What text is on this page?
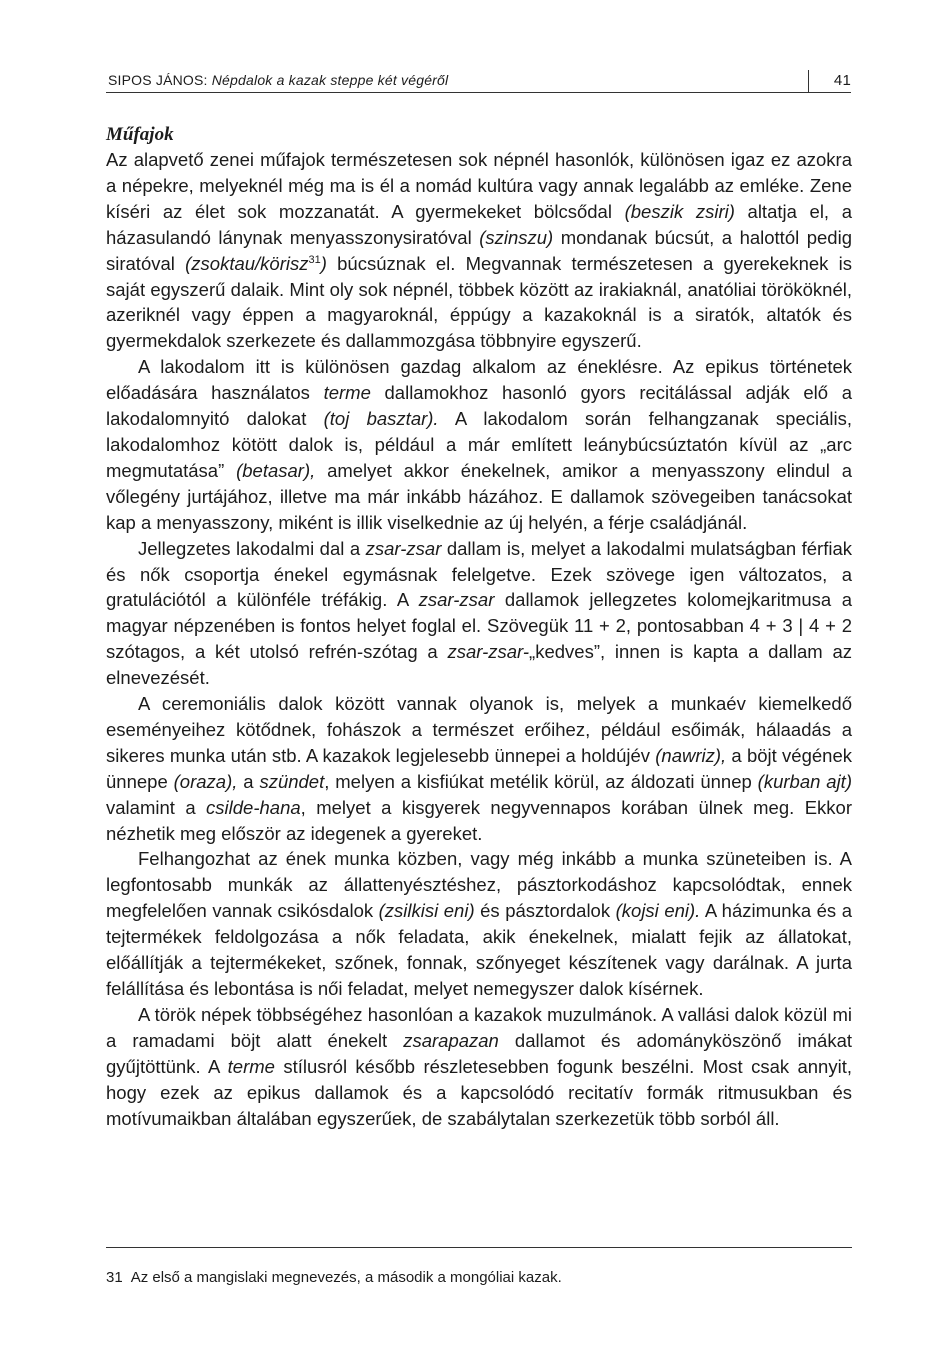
SIPOS JÁNOS: Népdalok a kazak steppe két végéről	41
Műfajok

Az alapvető zenei műfajok természetesen sok népnél hasonlók, különösen igaz ez azokra a népekre, melyeknél még ma is él a nomád kultúra vagy annak legalább az emléke. Zene kíséri az élet sok mozzanatát. A gyermekeket bölcsődal (beszik zsiri) altatja el, a házasulandó lánynak menyasszonysiratóval (szinszu) mondanak búcsút, a halottól pedig siratóval (zsoktau/körisz$^{31}$) búcsúznak el. Megvannak természetesen a gyerekeknek is saját egyszerű dalaik. Mint oly sok népnél, többek között az irakiaknál, anatóliai törököknél, azeriknél vagy éppen a magyaroknál, éppúgy a kazakoknál is a siratók, altatók és gyermekdalok szerkezete és dallammozgása többnyire egyszerű.

A lakodalom itt is különösen gazdag alkalom az éneklésre. Az epikus történetek előadására használatos terme dallamokhoz hasonló gyors recitálással adják elő a lakodalomnyitó dalokat (toj basztar). A lakodalom során felhangzanak speciális, lakodalomhoz kötött dalok is, például a már említett leánybúcsúztatón kívül az „arc megmutatása” (betasar), amelyet akkor énekelnek, amikor a menyasszony elindul a vőlegény jurtájához, illetve ma már inkább házához. E dallamok szövegeiben tanácsokat kap a menyasszony, miként is illik viselkednie az új helyén, a férje családjánál.

Jellegzetes lakodalmi dal a zsar-zsar dallam is, melyet a lakodalmi mulatságban férfiak és nők csoportja énekel egymásnak felelgetve. Ezek szövege igen változatos, a gratulációtól a különféle tréfákig. A zsar-zsar dallamok jellegzetes kolomejkaritmusa a magyar népzenében is fontos helyet foglal el. Szövegük 11 + 2, pontosabban 4 + 3 | 4 + 2 szótagos, a két utolsó refrén-szótag a zsar-zsar-„kedves”, innen is kapta a dallam az elnevezését.

A ceremoniális dalok között vannak olyanok is, melyek a munkaév kiemelkedő eseményeihez kötődnek, fohászok a természet erőihez, például esőimák, hálaadás a sikeres munka után stb. A kazakok legjelesebb ünnepei a holdújév (nawriz), a böjt végének ünnepe (oraza), a szündet, melyen a kisfiúkat metélik körül, az áldozati ünnep (kurban ajt) valamint a csilde-hana, melyet a kisgyerek negyvennapos korában ülnek meg. Ekkor nézhetik meg először az idegenek a gyereket.

Felhangozhat az ének munka közben, vagy még inkább a munka szüneteiben is. A legfontosabb munkák az állattenyésztéshez, pásztorkodáshoz kapcsolódtak, ennek megfelelően vannak csikósdalok (zsilkisi eni) és pásztordalok (kojsi eni). A házimunka és a tejtermékek feldolgozása a nők feladata, akik énekelnek, mialatt fejik az állatokat, előállítják a tejtermékeket, szőnek, fonnak, szőnyeget készítenek vagy darálnak. A jurta felállítása és lebontása is női feladat, melyet nemegyszer dalok kísérnek.

A török népek többségéhez hasonlóan a kazakok muzulmánok. A vallási dalok közül mi a ramadami böjt alatt énekelt zsarapazan dallamot és adományköszönő imákat gyűjtöttünk. A terme stílusról később részletesebben fogunk beszélni. Most csak annyit, hogy ezek az epikus dallamok és a kapcsolódó recitatív formák ritmusukban és motívumaikban általában egyszerűek, de szabálytalan szerkezetük több sorból áll.

31 Az első a mangislaki megnevezés, a második a mongóliai kazak.
